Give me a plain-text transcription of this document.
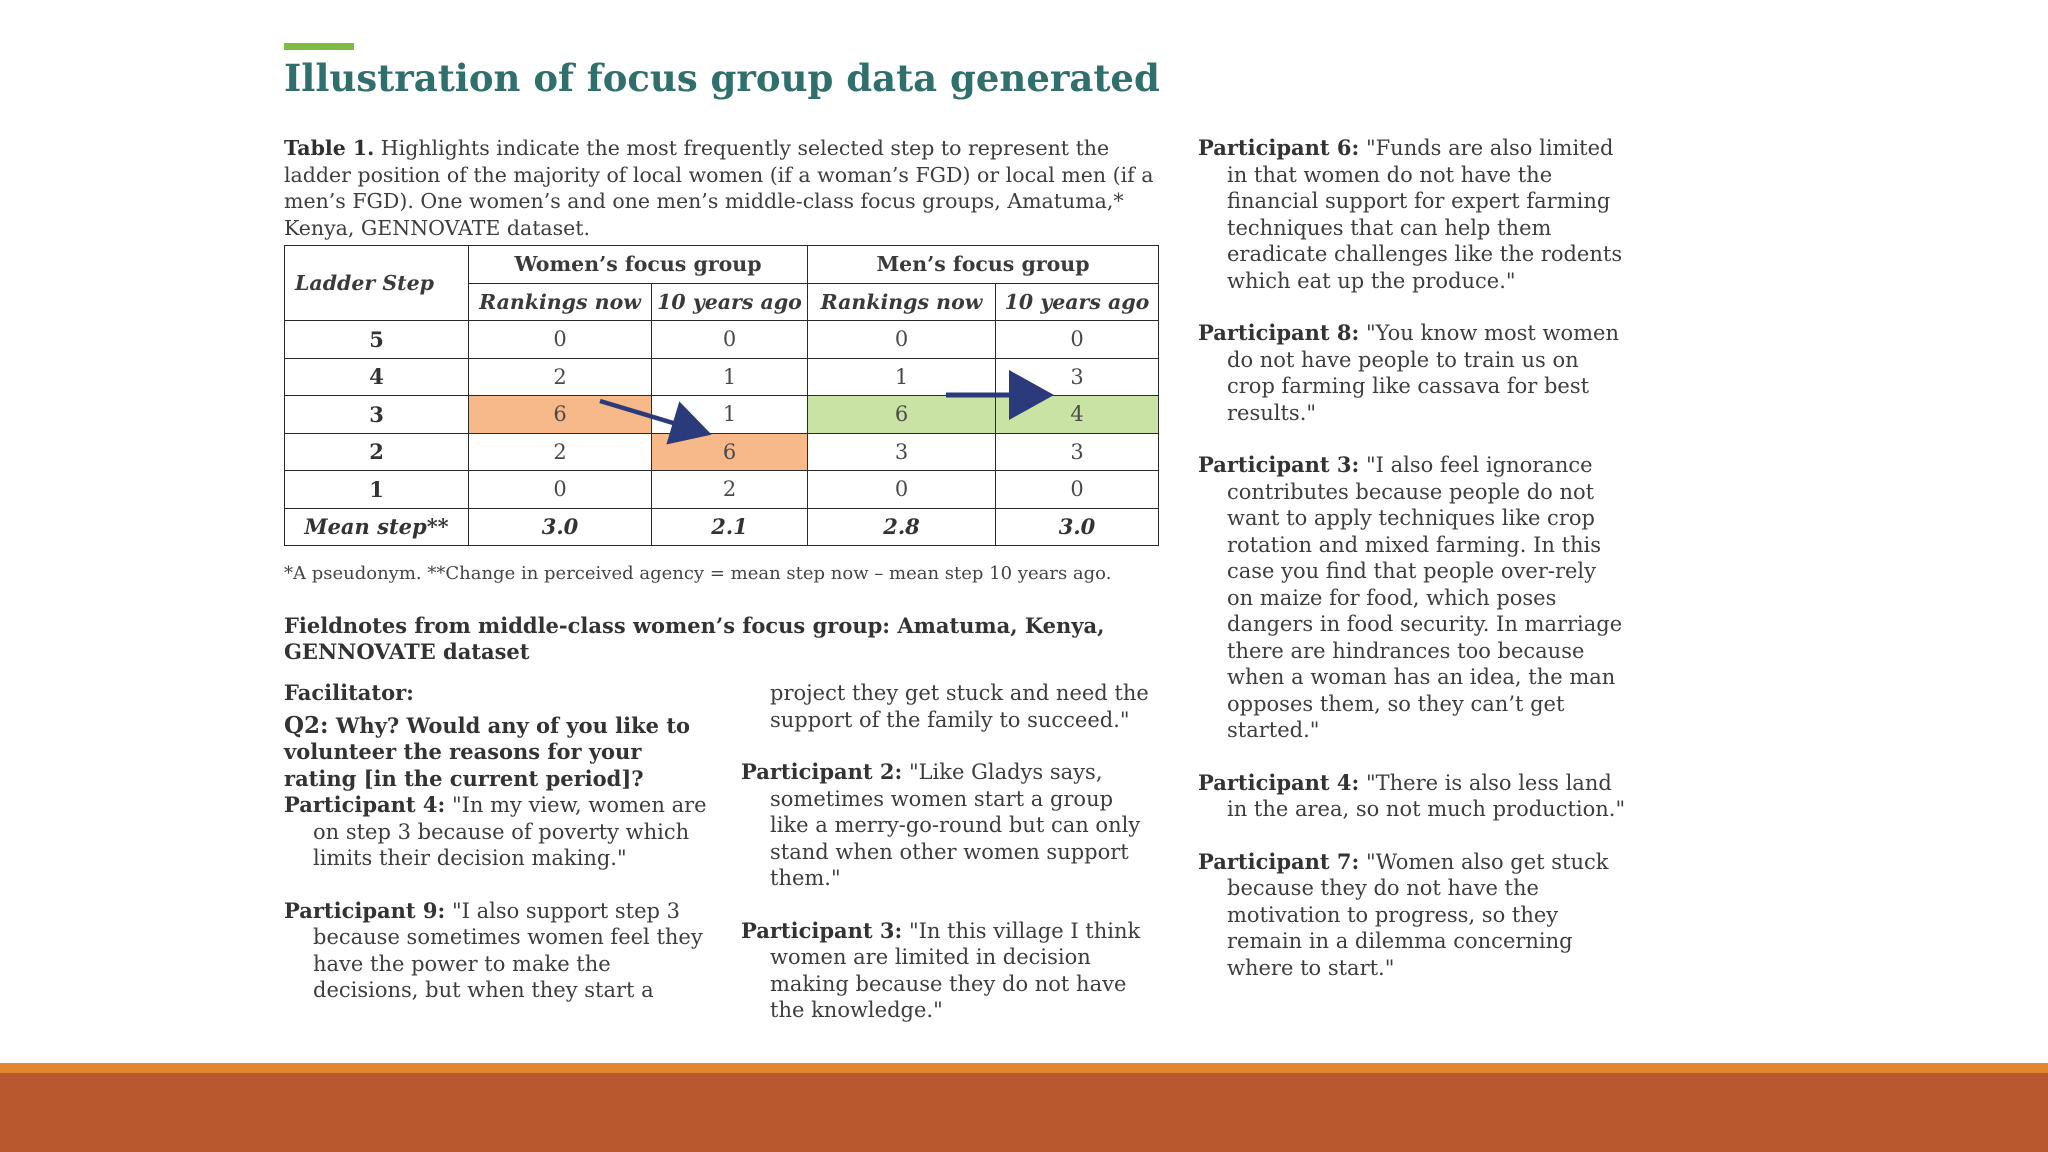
Illustration of focus group data generated
Table 1. Highlights indicate the most frequently selected step to represent the ladder position of the majority of local women (if a woman’s FGD) or local men (if a men’s FGD). One women’s and one men’s middle-class focus groups, Amatuma,* Kenya, GENNOVATE dataset.
Ladder Step	Women’s focus group		Men’s focus group	
	Rankings now	10 years ago	Rankings now	10 years ago
5	0	0	0	0
4	2	1	1	3
3	6	1	6	4
2	2	6	3	3
1	0	2	0	0
Mean step**	3.0	2.1	2.8	3.0
*A pseudonym. **Change in perceived agency = mean step now – mean step 10 years ago.
Fieldnotes from middle-class women’s focus group: Amatuma, Kenya, GENNOVATE dataset
Facilitator:
Q2: Why? Would any of you like to volunteer the reasons for your rating [in the current period]?

Participant 4: "In my view, women are on step 3 because of poverty which limits their decision making."

Participant 9: "I also support step 3 because sometimes women feel they have the power to make the decisions, but when they start a

project they get stuck and need the support of the family to succeed."

Participant 2: "Like Gladys says, sometimes women start a group like a merry-go-round but can only stand when other women support them."

Participant 3: "In this village I think women are limited in decision making because they do not have the knowledge."

Participant 6: "Funds are also limited in that women do not have the financial support for expert farming techniques that can help them eradicate challenges like the rodents which eat up the produce."

Participant 8: "You know most women do not have people to train us on crop farming like cassava for best results."

Participant 3: "I also feel ignorance contributes because people do not want to apply techniques like crop rotation and mixed farming. In this case you find that people over-rely on maize for food, which poses dangers in food security. In marriage there are hindrances too because when a woman has an idea, the man opposes them, so they can’t get started."

Participant 4: "There is also less land in the area, so not much production."

Participant 7: "Women also get stuck because they do not have the motivation to progress, so they remain in a dilemma concerning where to start."
